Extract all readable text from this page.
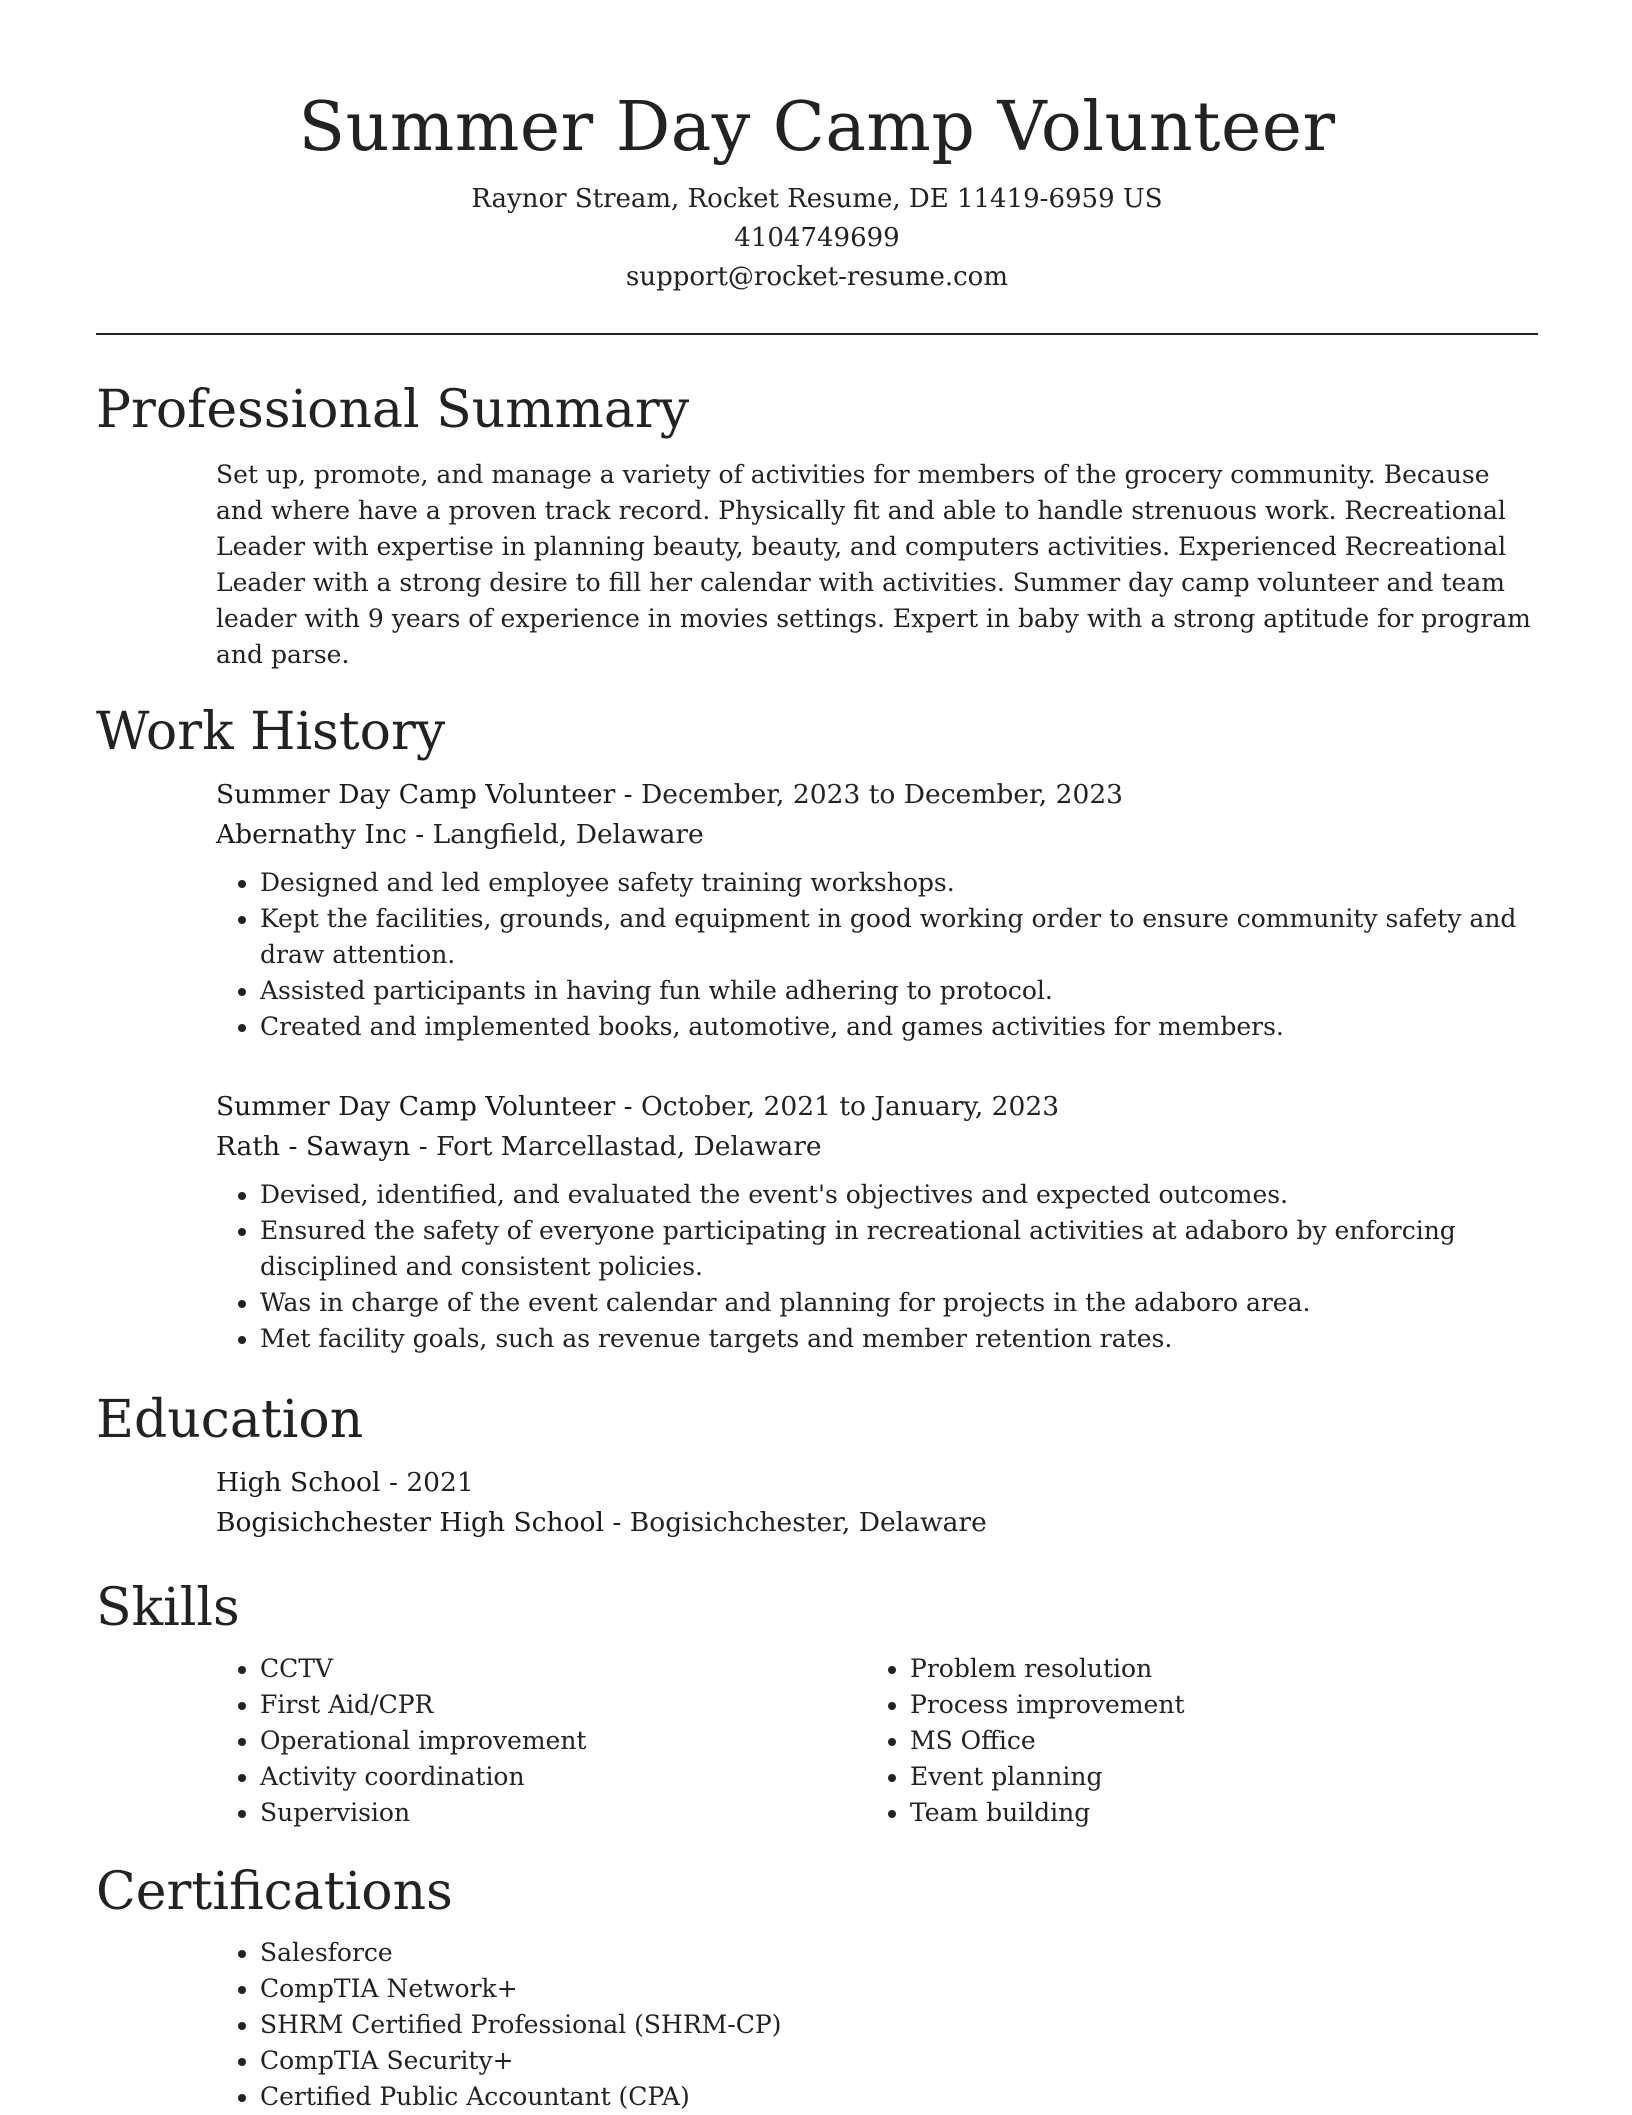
Summer Day Camp Volunteer
Raynor Stream, Rocket Resume, DE 11419-6959 US
4104749699
support@rocket-resume.com
Professional Summary

Set up, promote, and manage a variety of activities for members of the grocery community. Because and where have a proven track record. Physically fit and able to handle strenuous work. Recreational Leader with expertise in planning beauty, beauty, and computers activities. Experienced Recreational Leader with a strong desire to fill her calendar with activities. Summer day camp volunteer and team leader with 9 years of experience in movies settings. Expert in baby with a strong aptitude for program and parse.

Work History

Summer Day Camp Volunteer - December, 2023 to December, 2023

Abernathy Inc - Langfield, Delaware

• Designed and led employee safety training workshops.
• Kept the facilities, grounds, and equipment in good working order to ensure community safety and draw attention.
• Assisted participants in having fun while adhering to protocol.
• Created and implemented books, automotive, and games activities for members.

Summer Day Camp Volunteer - October, 2021 to January, 2023

Rath - Sawayn - Fort Marcellastad, Delaware

• Devised, identified, and evaluated the event's objectives and expected outcomes.
• Ensured the safety of everyone participating in recreational activities at adaboro by enforcing disciplined and consistent policies.
• Was in charge of the event calendar and planning for projects in the adaboro area.
• Met facility goals, such as revenue targets and member retention rates.
Education

High School - 2021

Bogisichchester High School - Bogisichchester, Delaware

Skills
• CCTV
• First Aid/CPR
• Operational improvement
• Activity coordination
• Supervision
• Problem resolution
• Process improvement
• MS Office
• Event planning
• Team building
Certifications
• Salesforce
• CompTIA Network+
• SHRM Certified Professional (SHRM-CP)
• CompTIA Security+
• Certified Public Accountant (CPA)
